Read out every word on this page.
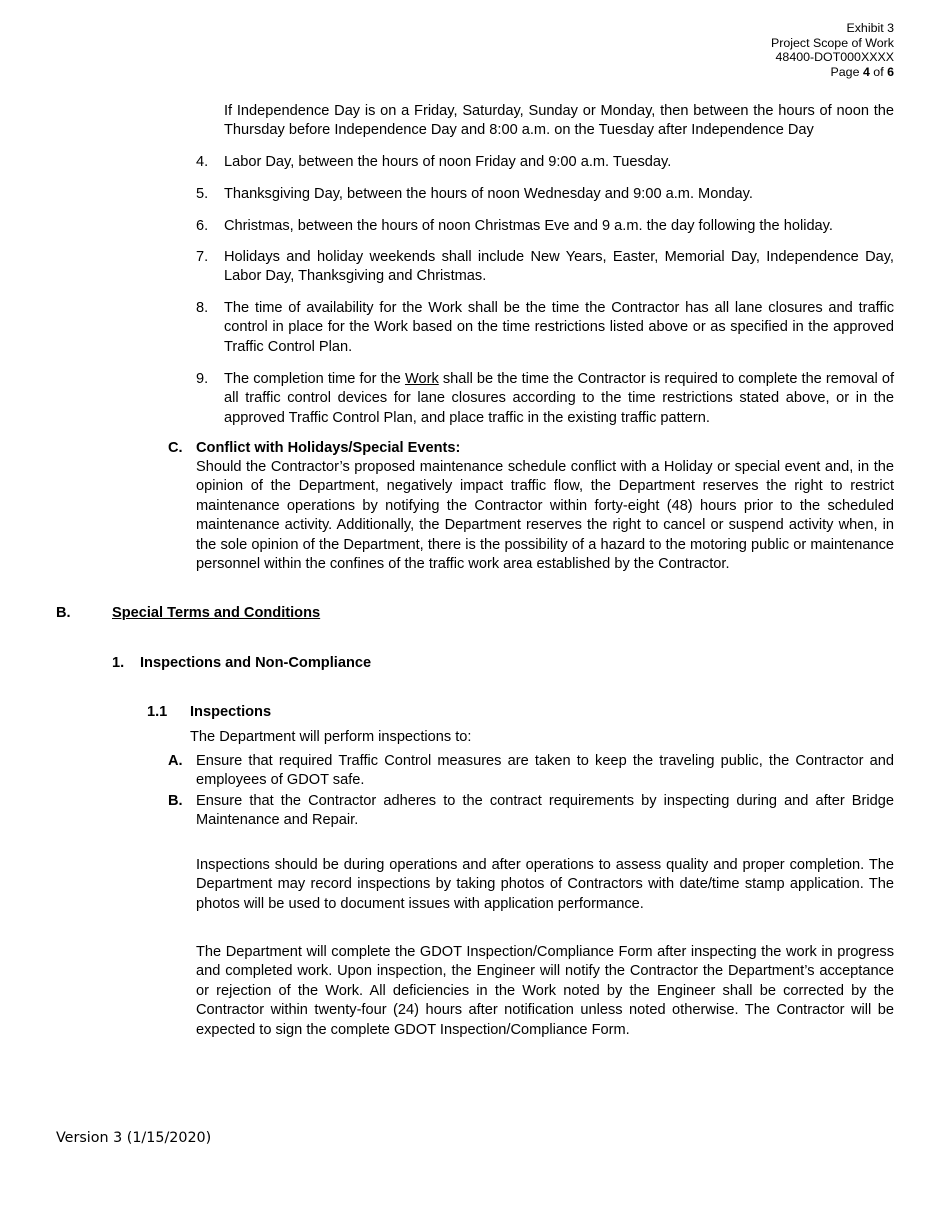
Exhibit 3
Project Scope of Work
48400-DOT000XXXX
Page 4 of 6

If Independence Day is on a Friday, Saturday, Sunday or Monday, then between the hours of noon the Thursday before Independence Day and 8:00 a.m. on the Tuesday after Independence Day

4. Labor Day, between the hours of noon Friday and 9:00 a.m. Tuesday.

5. Thanksgiving Day, between the hours of noon Wednesday and 9:00 a.m. Monday.

6. Christmas, between the hours of noon Christmas Eve and 9 a.m. the day following the holiday.

7. Holidays and holiday weekends shall include New Years, Easter, Memorial Day, Independence Day, Labor Day, Thanksgiving and Christmas.

8. The time of availability for the Work shall be the time the Contractor has all lane closures and traffic control in place for the Work based on the time restrictions listed above or as specified in the approved Traffic Control Plan.

9. The completion time for the Work shall be the time the Contractor is required to complete the removal of all traffic control devices for lane closures according to the time restrictions stated above, or in the approved Traffic Control Plan, and place traffic in the existing traffic pattern.

C. Conflict with Holidays/Special Events:

Should the Contractor’s proposed maintenance schedule conflict with a Holiday or special event and, in the opinion of the Department, negatively impact traffic flow, the Department reserves the right to restrict maintenance operations by notifying the Contractor within forty-eight (48) hours prior to the scheduled maintenance activity. Additionally, the Department reserves the right to cancel or suspend activity when, in the sole opinion of the Department, there is the possibility of a hazard to the motoring public or maintenance personnel within the confines of the traffic work area established by the Contractor.

B.	Special Terms and Conditions
1. Inspections and Non-Compliance
1.1 Inspections
The Department will perform inspections to:
A. Ensure that required Traffic Control measures are taken to keep the traveling public, the Contractor and employees of GDOT safe.

B. Ensure that the Contractor adheres to the contract requirements by inspecting during and after Bridge Maintenance and Repair.

Inspections should be during operations and after operations to assess quality and proper completion. The Department may record inspections by taking photos of Contractors with date/time stamp application. The photos will be used to document issues with application performance.

The Department will complete the GDOT Inspection/Compliance Form after inspecting the work in progress and completed work. Upon inspection, the Engineer will notify the Contractor the Department’s acceptance or rejection of the Work. All deficiencies in the Work noted by the Engineer shall be corrected by the Contractor within twenty-four (24) hours after notification unless noted otherwise. The Contractor will be expected to sign the complete GDOT Inspection/Compliance Form.

Version 3 (1/15/2020)
